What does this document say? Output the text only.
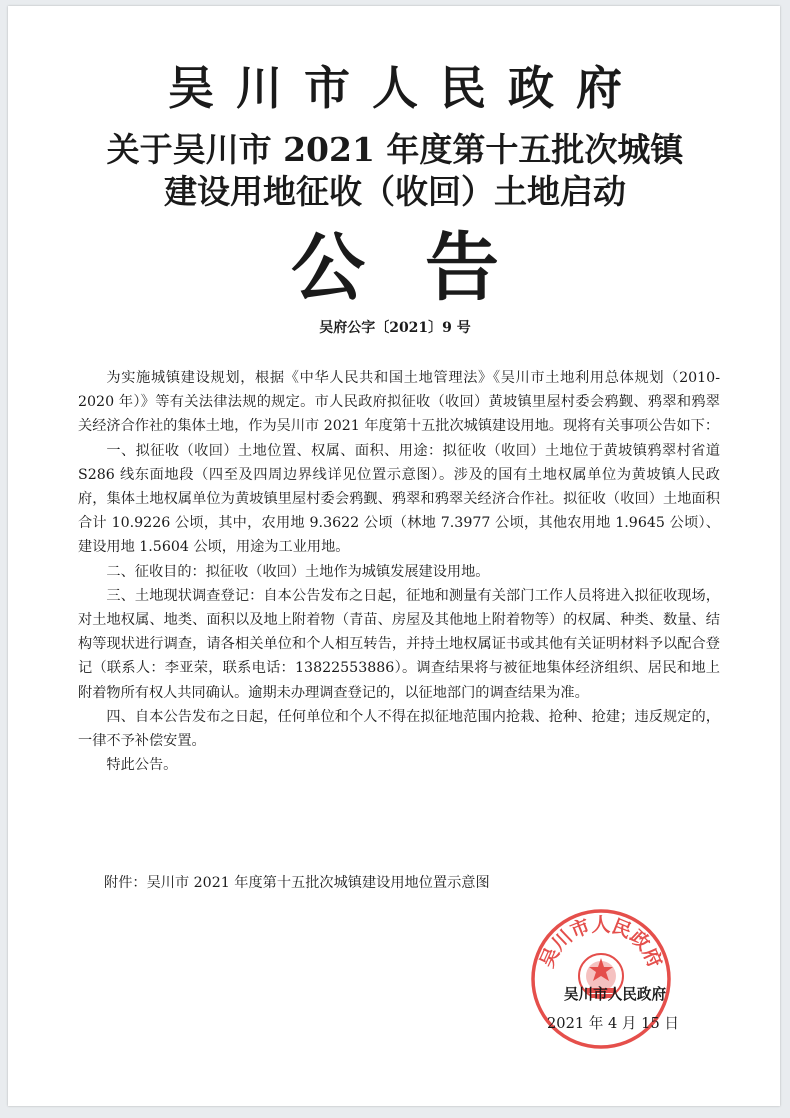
吴川市人民政府
关于吴川市 2021 年度第十五批次城镇
建设用地征收（收回）土地启动
公告
吴府公字〔2021〕9 号

为实施城镇建设规划，根据《中华人民共和国土地管理法》《吴川市土地利用总体规划（2010-2020 年）》等有关法律法规的规定。市人民政府拟征收（收回）黄坡镇里屋村委会鸦觐、鸦翠和鸦翠关经济合作社的集体土地，作为吴川市 2021 年度第十五批次城镇建设用地。现将有关事项公告如下：

一、拟征收（收回）土地位置、权属、面积、用途：拟征收（收回）土地位于黄坡镇鸦翠村省道 S286 线东面地段（四至及四周边界线详见位置示意图）。涉及的国有土地权属单位为黄坡镇人民政府，集体土地权属单位为黄坡镇里屋村委会鸦觐、鸦翠和鸦翠关经济合作社。拟征收（收回）土地面积合计 10.9226 公顷，其中，农用地 9.3622 公顷（林地 7.3977 公顷，其他农用地 1.9645 公顷）、建设用地 1.5604 公顷，用途为工业用地。

二、征收目的：拟征收（收回）土地作为城镇发展建设用地。

三、土地现状调查登记：自本公告发布之日起，征地和测量有关部门工作人员将进入拟征收现场，对土地权属、地类、面积以及地上附着物（青苗、房屋及其他地上附着物等）的权属、种类、数量、结构等现状进行调查，请各相关单位和个人相互转告，并持土地权属证书或其他有关证明材料予以配合登记（联系人：李亚荣，联系电话：13822553886）。调查结果将与被征地集体经济组织、居民和地上附着物所有权人共同确认。逾期未办理调查登记的，以征地部门的调查结果为准。

四、自本公告发布之日起，任何单位和个人不得在拟征地范围内抢栽、抢种、抢建；违反规定的，一律不予补偿安置。

特此公告。

附件：吴川市 2021 年度第十五批次城镇建设用地位置示意图
吴川市人民政府
吴川市人民政府
2021 年 4 月 15 日
